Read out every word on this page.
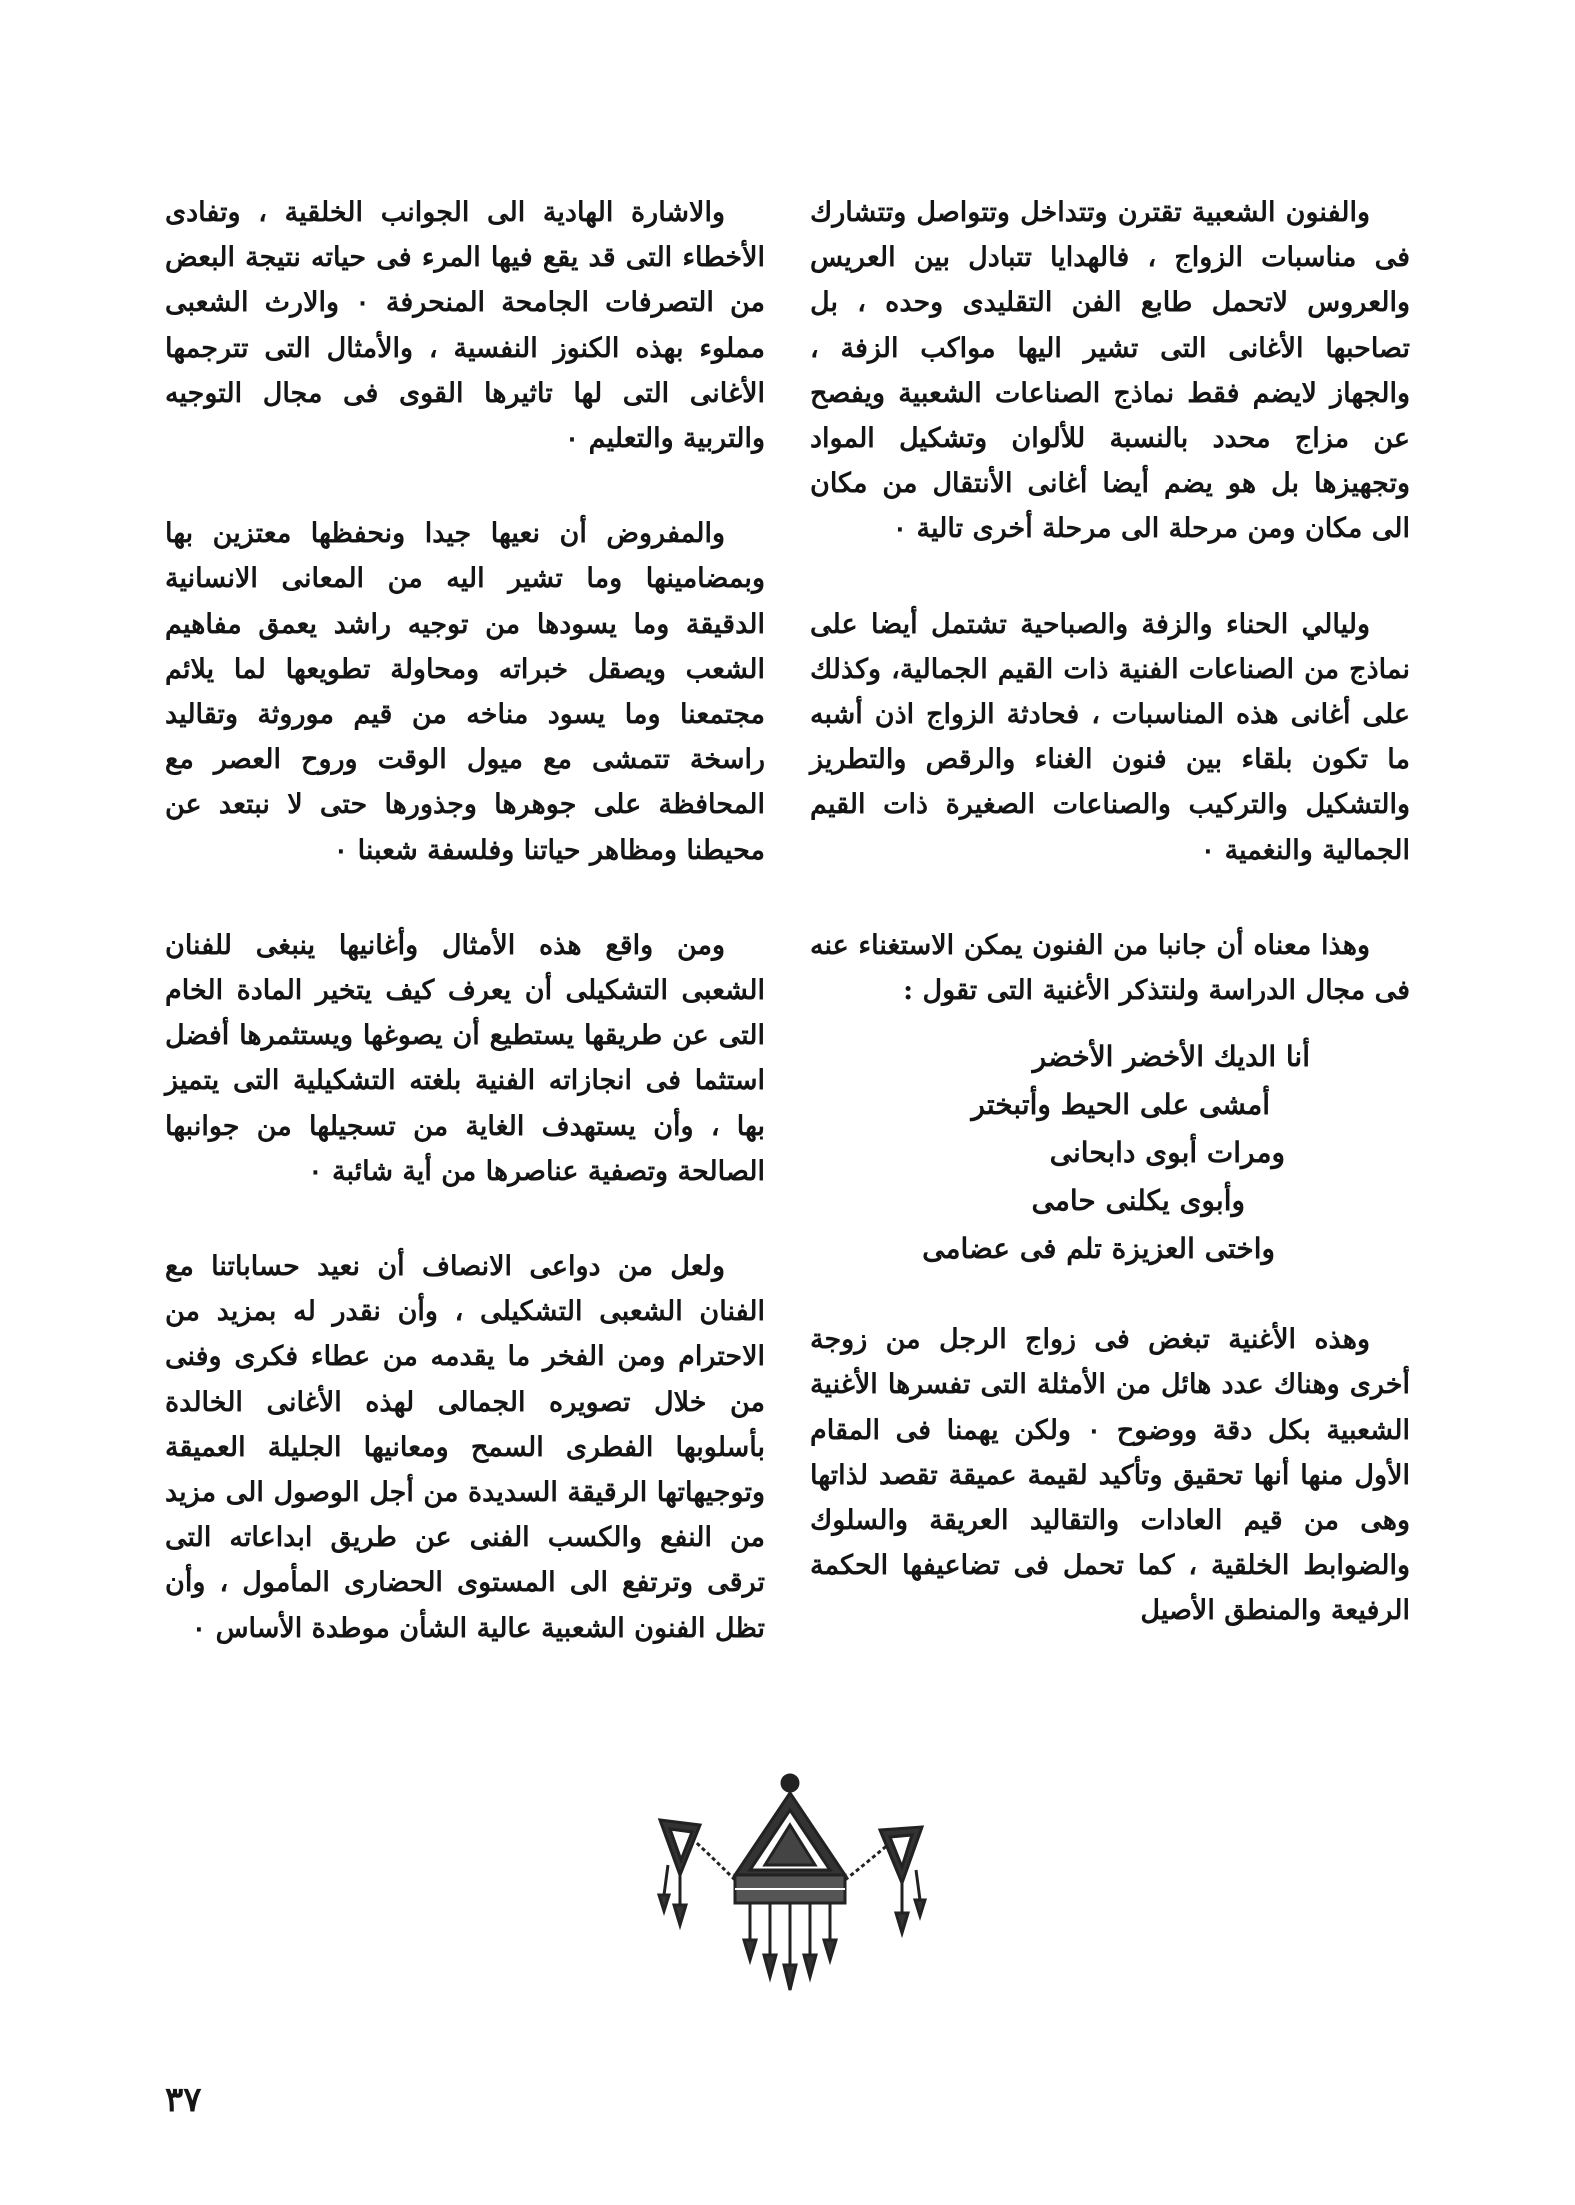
والفنون الشعبية تقترن وتتداخل وتتواصل وتتشارك فى مناسبات الزواج ، فالهدايا تتبادل بين العريس والعروس لاتحمل طابع الفن التقليدى وحده ، بل تصاحبها الأغانى التى تشير اليها مواكب الزفة ، والجهاز لايضم فقط نماذج الصناعات الشعبية ويفصح عن مزاج محدد بالنسبة للألوان وتشكيل المواد وتجهيزها بل هو يضم أيضا أغانى الأنتقال من مكان الى مكان ومن مرحلة الى مرحلة أخرى تالية ٠

وليالي الحناء والزفة والصباحية تشتمل أيضا على نماذج من الصناعات الفنية ذات القيم الجمالية، وكذلك على أغانى هذه المناسبات ، فحادثة الزواج اذن أشبه ما تكون بلقاء بين فنون الغناء والرقص والتطريز والتشكيل والتركيب والصناعات الصغيرة ذات القيم الجمالية والنغمية ٠

وهذا معناه أن جانبا من الفنون يمكن الاستغناء عنه فى مجال الدراسة ولنتذكر الأغنية التى تقول :

أنا الديك الأخضر الأخضر
أمشى على الحيط وأتبختر
ومرات أبوى دابحانى
وأبوى يكلنى حامى
واختى العزيزة تلم فى عضامى

وهذه الأغنية تبغض فى زواج الرجل من زوجة أخرى وهناك عدد هائل من الأمثلة التى تفسرها الأغنية الشعبية بكل دقة ووضوح ٠ ولكن يهمنا فى المقام الأول منها أنها تحقيق وتأكيد لقيمة عميقة تقصد لذاتها وهى من قيم العادات والتقاليد العريقة والسلوك والضوابط الخلقية ، كما تحمل فى تضاعيفها الحكمة الرفيعة والمنطق الأصيل

والاشارة الهادية الى الجوانب الخلقية ، وتفادى الأخطاء التى قد يقع فيها المرء فى حياته نتيجة البعض من التصرفات الجامحة المنحرفة ٠ والارث الشعبى مملوء بهذه الكنوز النفسية ، والأمثال التى تترجمها الأغانى التى لها تاثيرها القوى فى مجال التوجيه والتربية والتعليم ٠

والمفروض أن نعيها جيدا ونحفظها معتزين بها وبمضامينها وما تشير اليه من المعانى الانسانية الدقيقة وما يسودها من توجيه راشد يعمق مفاهيم الشعب ويصقل خبراته ومحاولة تطويعها لما يلائم مجتمعنا وما يسود مناخه من قيم موروثة وتقاليد راسخة تتمشى مع ميول الوقت وروح العصر مع المحافظة على جوهرها وجذورها حتى لا نبتعد عن محيطنا ومظاهر حياتنا وفلسفة شعبنا ٠

ومن واقع هذه الأمثال وأغانيها ينبغى للفنان الشعبى التشكيلى أن يعرف كيف يتخير المادة الخام التى عن طريقها يستطيع أن يصوغها ويستثمرها أفضل استثما فى انجازاته الفنية بلغته التشكيلية التى يتميز بها ، وأن يستهدف الغاية من تسجيلها من جوانبها الصالحة وتصفية عناصرها من أية شائبة ٠

ولعل من دواعى الانصاف أن نعيد حساباتنا مع الفنان الشعبى التشكيلى ، وأن نقدر له بمزيد من الاحترام ومن الفخر ما يقدمه من عطاء فكرى وفنى من خلال تصويره الجمالى لهذه الأغانى الخالدة بأسلوبها الفطرى السمح ومعانيها الجليلة العميقة وتوجيهاتها الرقيقة السديدة من أجل الوصول الى مزيد من النفع والكسب الفنى عن طريق ابداعاته التى ترقى وترتفع الى المستوى الحضارى المأمول ، وأن تظل الفنون الشعبية عالية الشأن موطدة الأساس ٠

٣٧
